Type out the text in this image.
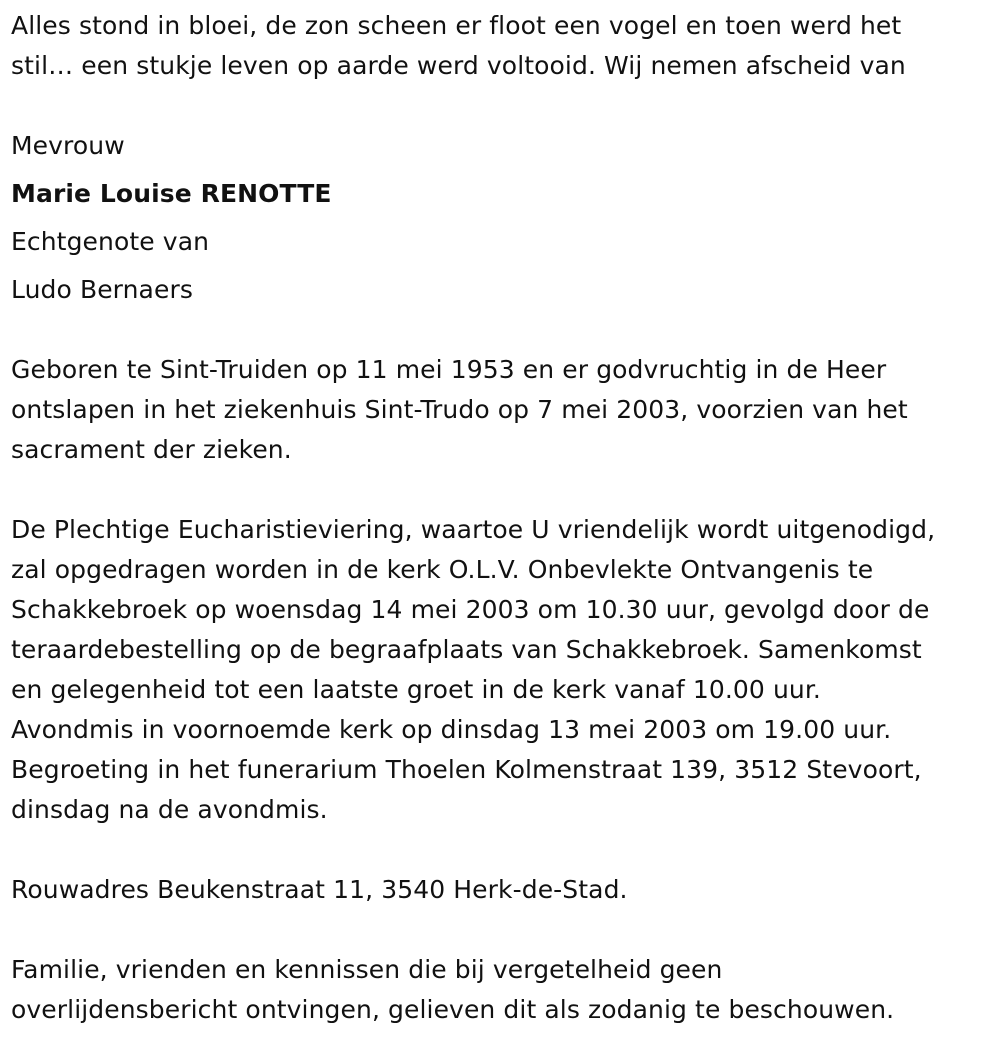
Alles stond in bloei, de zon scheen er floot een vogel en toen werd het
stil… een stukje leven op aarde werd voltooid. Wij nemen afscheid van
Mevrouw
Marie Louise RENOTTE
Echtgenote van
Ludo Bernaers
Geboren te Sint-Truiden op 11 mei 1953 en er godvruchtig in de Heer
ontslapen in het ziekenhuis Sint-Trudo op 7 mei 2003, voorzien van het
sacrament der zieken.
De Plechtige Eucharistieviering, waartoe U vriendelijk wordt uitgenodigd,
zal opgedragen worden in de kerk O.L.V. Onbevlekte Ontvangenis te
Schakkebroek op woensdag 14 mei 2003 om 10.30 uur, gevolgd door de
teraardebestelling op de begraafplaats van Schakkebroek. Samenkomst
en gelegenheid tot een laatste groet in de kerk vanaf 10.00 uur.
Avondmis in voornoemde kerk op dinsdag 13 mei 2003 om 19.00 uur.
Begroeting in het funerarium Thoelen Kolmenstraat 139, 3512 Stevoort,
dinsdag na de avondmis.
Rouwadres Beukenstraat 11, 3540 Herk-de-Stad.
Familie, vrienden en kennissen die bij vergetelheid geen
overlijdensbericht ontvingen, gelieven dit als zodanig te beschouwen.
